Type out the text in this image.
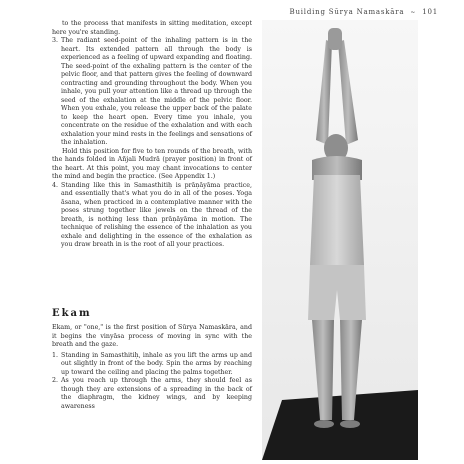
Building Sūrya Namaskāra ~ 101

to the process that manifests in sitting meditation, except here you're standing.

3. The radiant seed-point of the inhaling pattern is in the heart. Its extended pattern all through the body is experienced as a feeling of upward expanding and floating. The seed-point of the exhaling pattern is the center of the pelvic floor, and that pattern gives the feeling of downward contracting and grounding throughout the body. When you inhale, you pull your attention like a thread up through the seed of the exhalation at the middle of the pelvic floor. When you exhale, you release the upper back of the palate to keep the heart open. Every time you inhale, you concentrate on the residue of the exhalation and with each exhalation your mind rests in the feelings and sensations of the inhalation.

Hold this position for five to ten rounds of the breath, with the hands folded in Añjali Mudrā (prayer position) in front of the heart. At this point, you may chant invocations to center the mind and begin the practice. (See Appendix 1.)

4. Standing like this in Samasthitiḥ is prāṇāyāma practice, and essentially that's what you do in all of the poses. Yoga āsana, when practiced in a contemplative manner with the poses strung together like jewels on the thread of the breath, is nothing less than prāṇāyāma in motion. The technique of relishing the essence of the inhalation as you exhale and delighting in the essence of the exhalation as you draw breath in is the root of all your practices.
Ekam

Ekam, or "one," is the first position of Sūrya Namaskāra, and it begins the vinyāsa process of moving in sync with the breath and the gaze.

1. Standing in Samasthitiḥ, inhale as you lift the arms up and out slightly in front of the body. Spin the arms by reaching up toward the ceiling and placing the palms together.
2. As you reach up through the arms, they should feel as though they are extensions of a spreading in the back of the diaphragm, the kidney wings, and by keeping awareness
